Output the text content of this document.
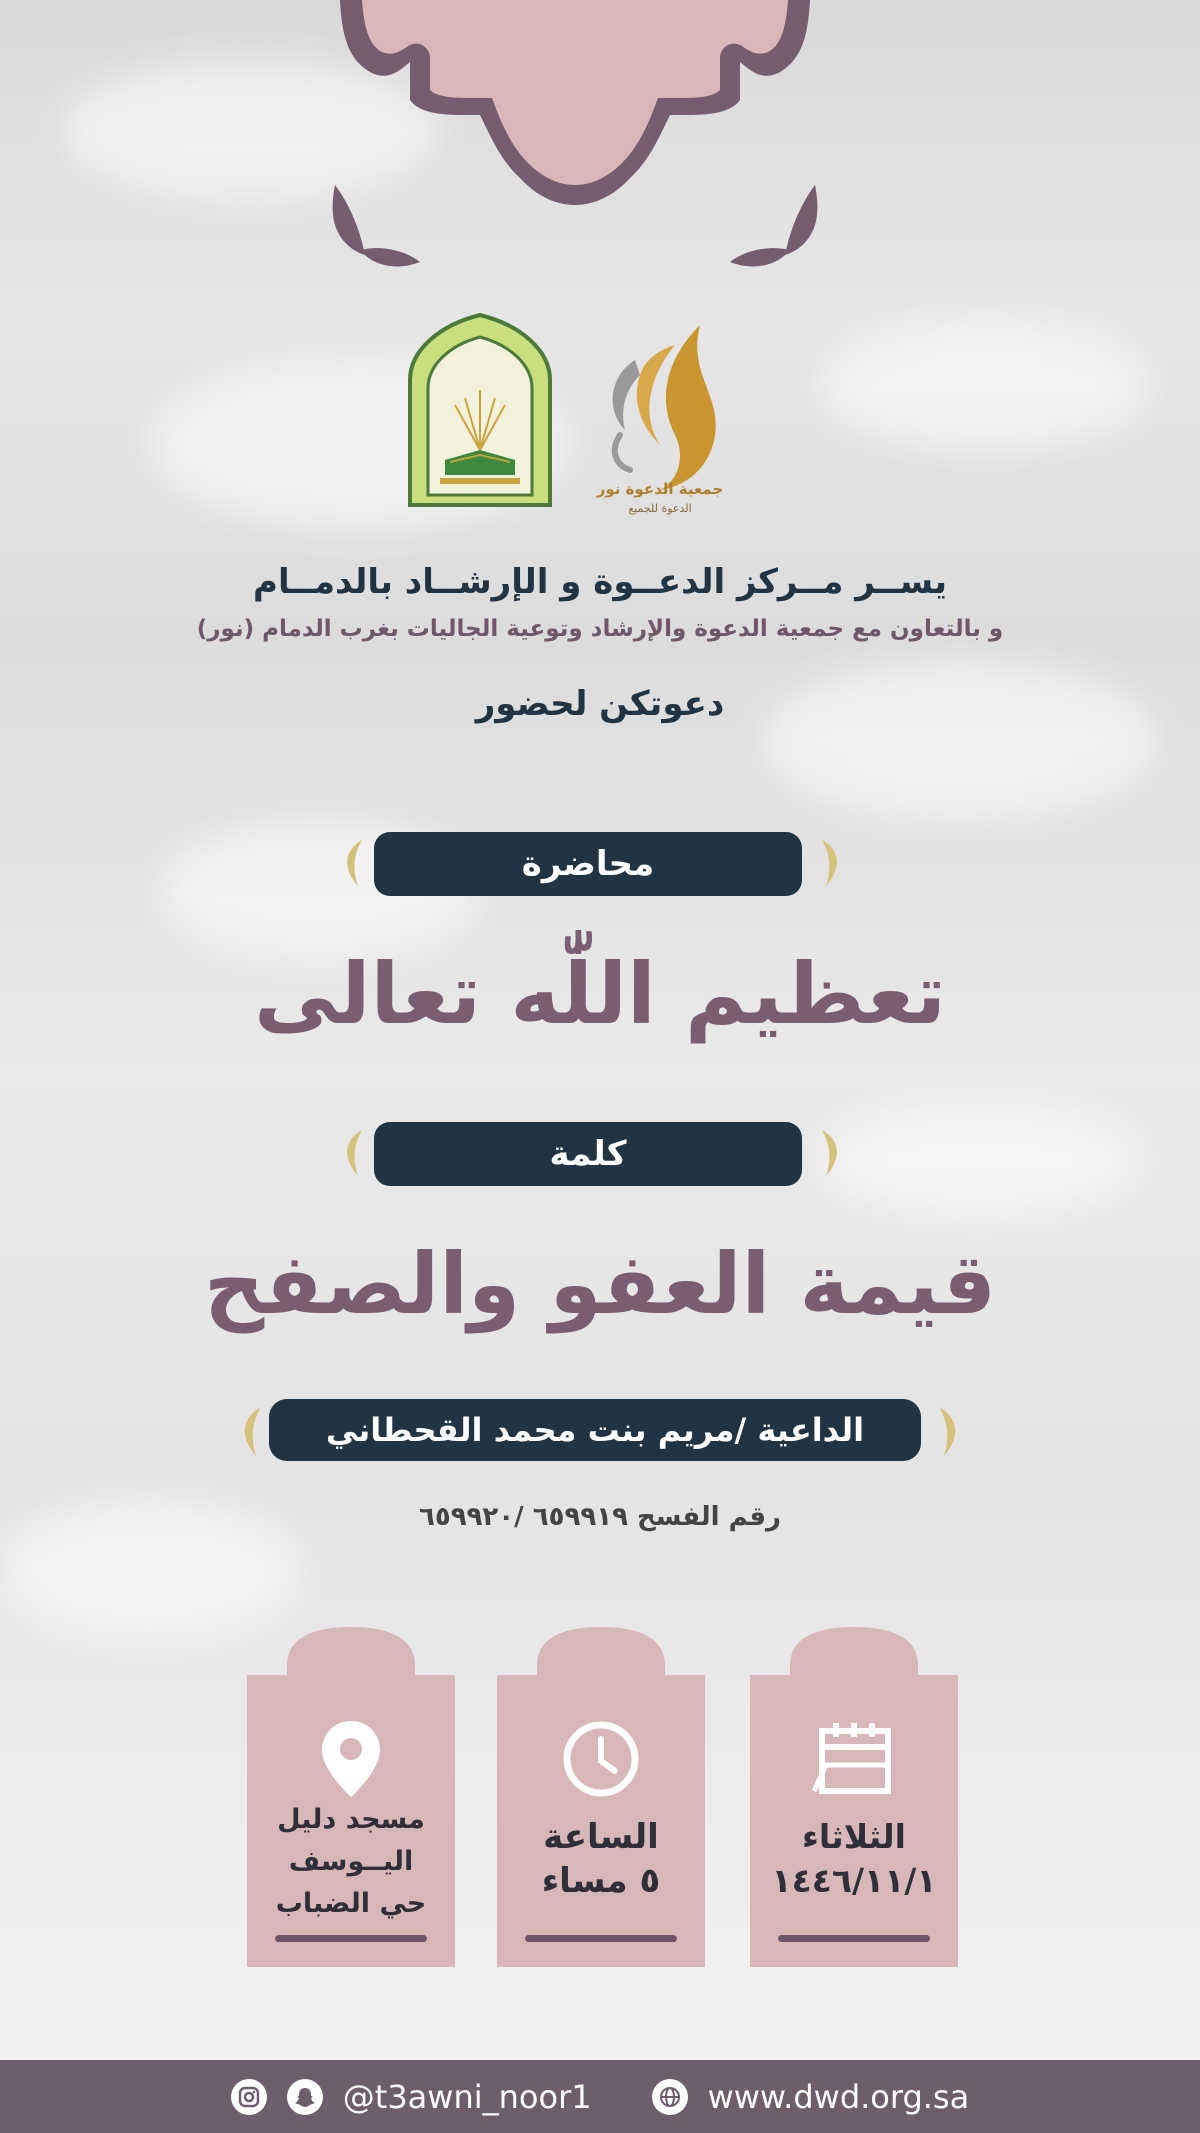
جمعية الدعوة نور
الدعوة للجميع
يســر مــركز الدعــوة و الإرشــاد بالدمــام
و بالتعاون مع جمعية الدعوة والإرشاد وتوعية الجاليات بغرب الدمام (نور)
دعوتكن لحضور
محاضرة
تعظيم اللّٰه تعالى
كلمة
قيمة العفو والصفح
الداعية /مريم بنت محمد القحطاني
رقم الفسح ٦٥٩٩١٩ /٦٥٩٩٢٠
مسجد دليل
اليــوسف
حي الضباب
الساعة
٥ مساء
الثلاثاء
١٤٤٦/١١/١
@t3awni_noor1	www.dwd.org.sa
